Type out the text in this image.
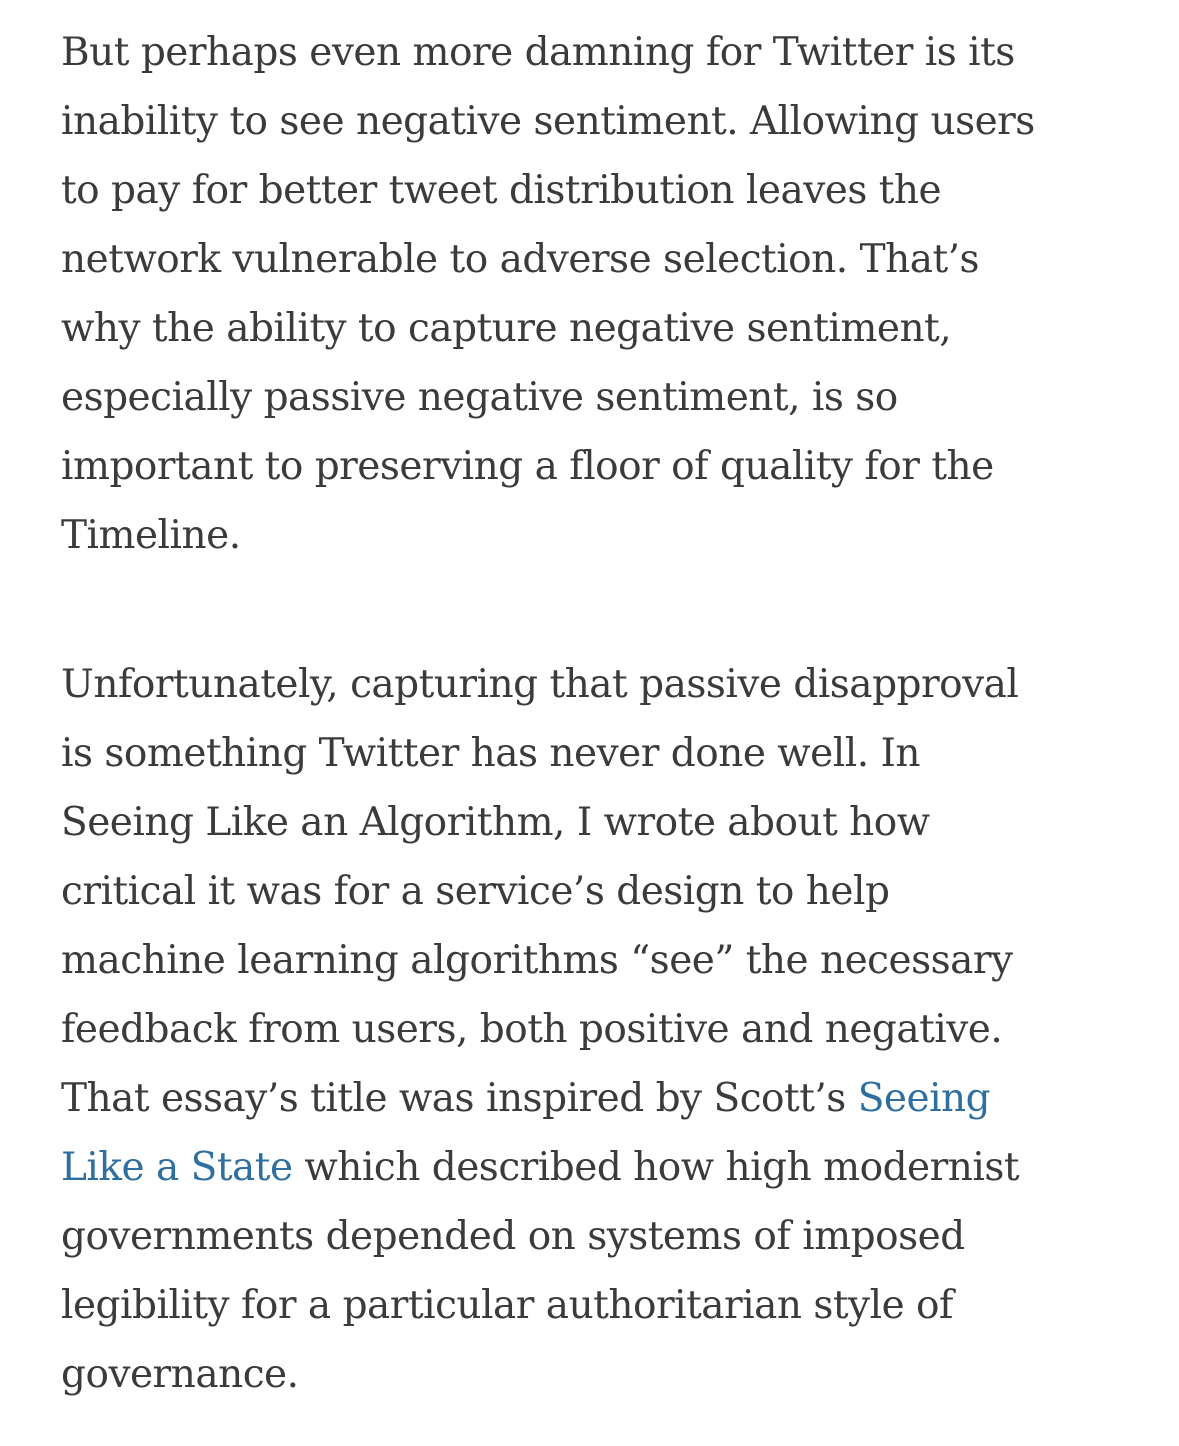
But perhaps even more damning for Twitter is its
inability to see negative sentiment. Allowing users
to pay for better tweet distribution leaves the
network vulnerable to adverse selection. That’s
why the ability to capture negative sentiment,
especially passive negative sentiment, is so
important to preserving a floor of quality for the
Timeline.

Unfortunately, capturing that passive disapproval
is something Twitter has never done well. In
Seeing Like an Algorithm, I wrote about how
critical it was for a service’s design to help
machine learning algorithms “see” the necessary
feedback from users, both positive and negative.
That essay’s title was inspired by Scott’s Seeing
Like a State which described how high modernist
governments depended on systems of imposed
legibility for a particular authoritarian style of
governance.
